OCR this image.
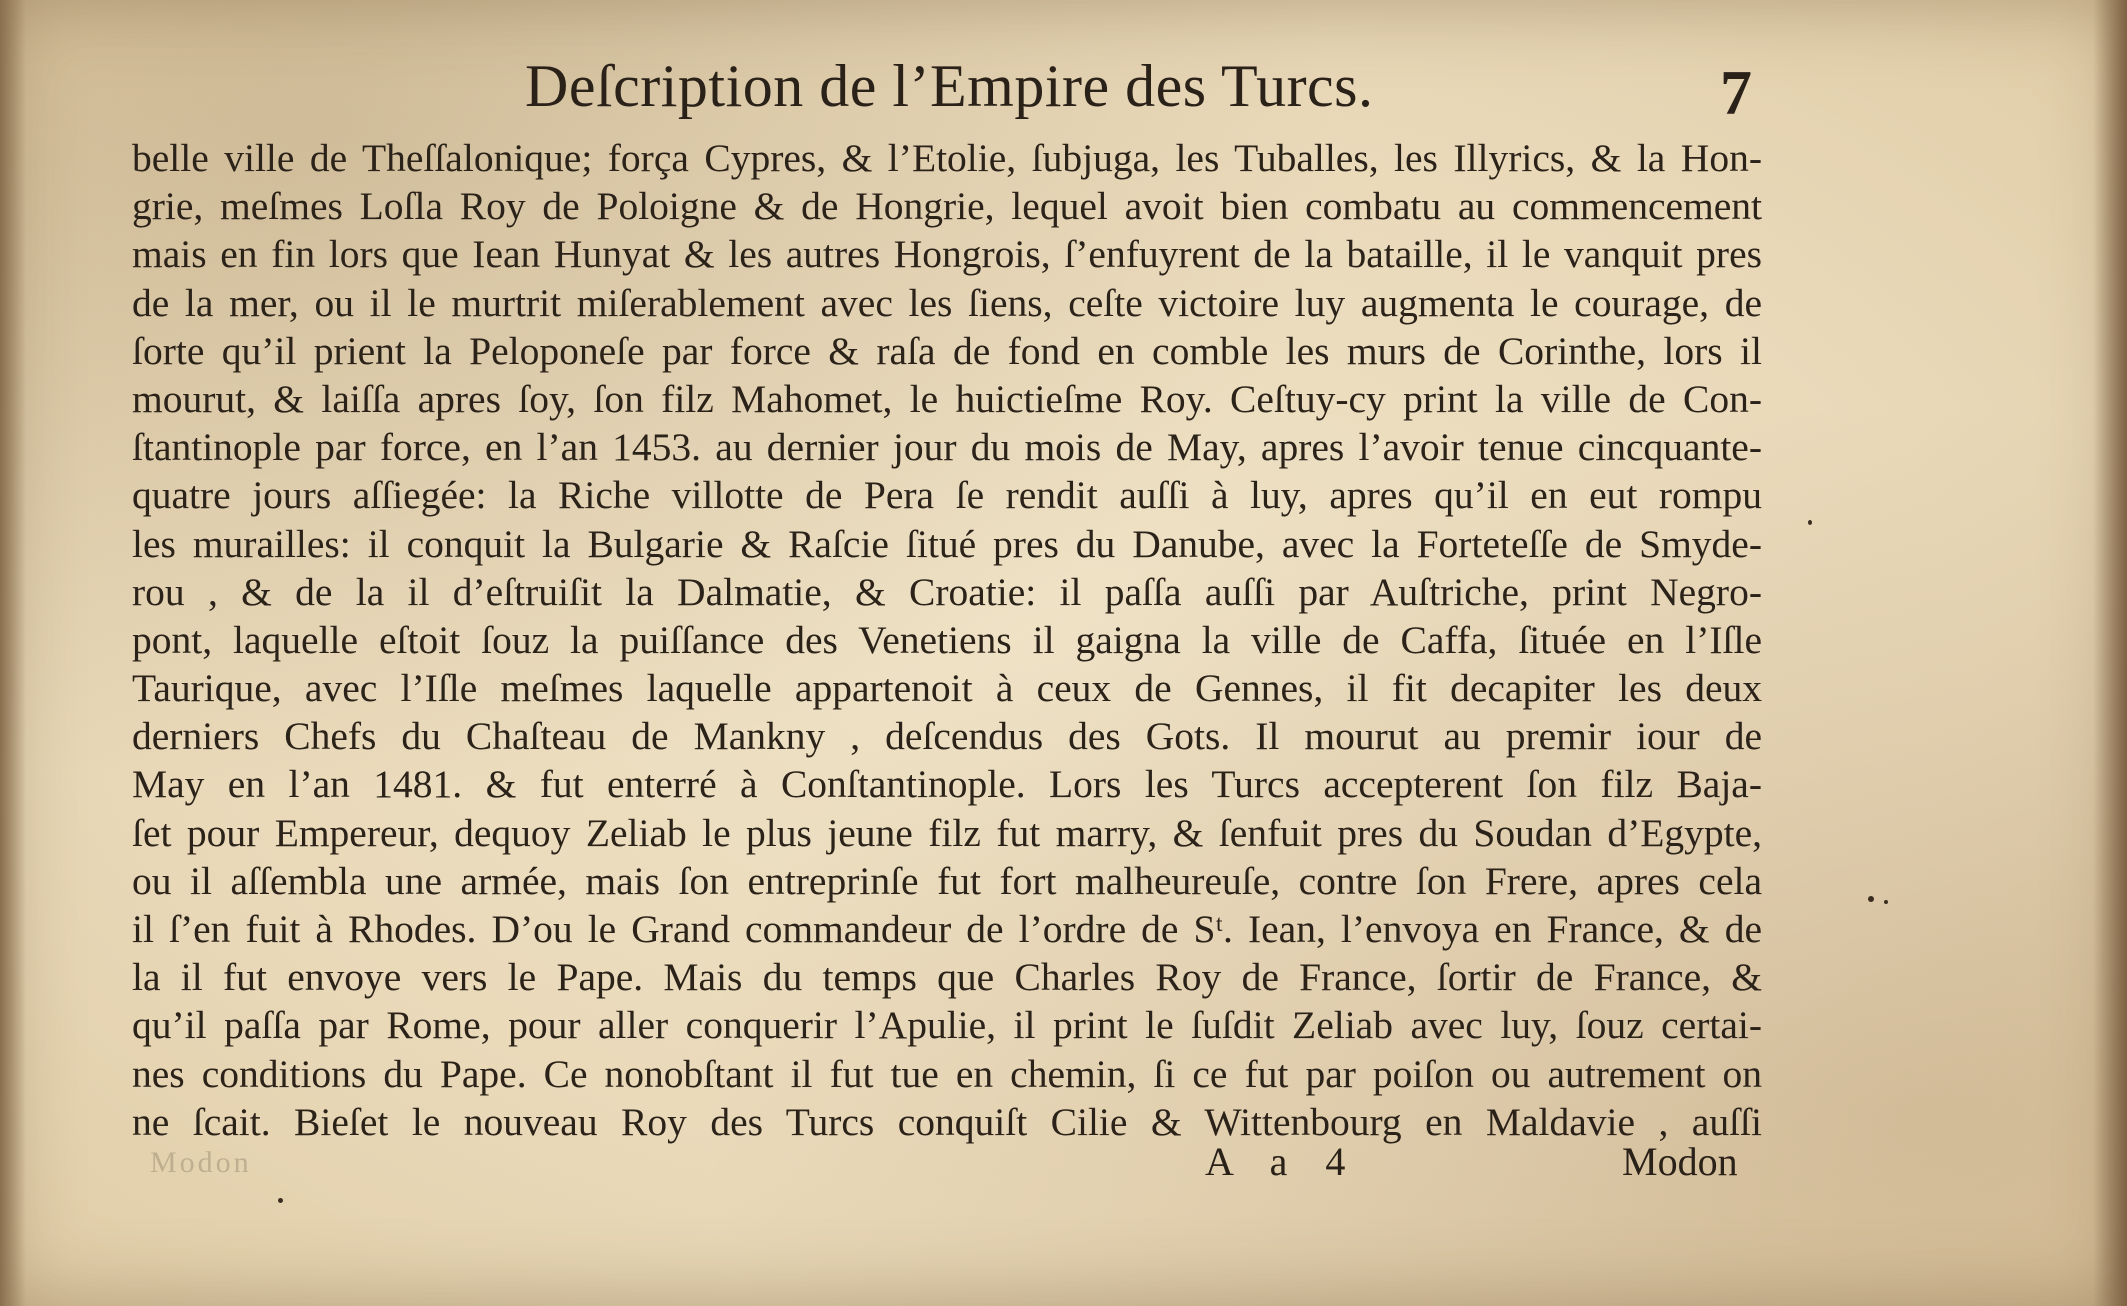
Deſcription de l’Empire des Turcs.	7
belle ville de Theſſalonique; força Cypres, & l’Etolie, ſubjuga, les Tuballes, les Illyrics, & la Hon-
grie, meſmes Loſla Roy de Poloigne & de Hongrie, lequel avoit bien combatu au commencement
mais en fin lors que Iean Hunyat & les autres Hongrois, ſ’enfuyrent de la bataille, il le vanquit pres
de la mer, ou il le murtrit miſerablement avec les ſiens, ceſte victoire luy augmenta le courage, de
ſorte qu’il prient la Peloponeſe par force & raſa de fond en comble les murs de Corinthe, lors il
mourut, & laiſſa apres ſoy, ſon filz Mahomet, le huictieſme Roy. Ceſtuy-cy print la ville de Con-
ſtantinople par force, en l’an 1453. au dernier jour du mois de May, apres l’avoir tenue cincquante-
quatre jours aſſiegée: la Riche villotte de Pera ſe rendit auſſi à luy, apres qu’il en eut rompu
les murailles: il conquit la Bulgarie & Raſcie ſitué pres du Danube, avec la Forteteſſe de Smyde-
rou , & de la il d’eſtruiſit la Dalmatie, & Croatie: il paſſa auſſi par Auſtriche, print Negro-
pont, laquelle eſtoit ſouz la puiſſance des Venetiens il gaigna la ville de Caffa, ſituée en l’Iſle
Taurique, avec l’Iſle meſmes laquelle appartenoit à ceux de Gennes, il fit decapiter les deux
derniers Chefs du Chaſteau de Mankny , deſcendus des Gots. Il mourut au premir iour de
May en l’an 1481. & fut enterré à Conſtantinople. Lors les Turcs accepterent ſon filz Baja-
ſet pour Empereur, dequoy Zeliab le plus jeune filz fut marry, & ſenfuit pres du Soudan d’Egypte,
ou il aſſembla une armée, mais ſon entreprinſe fut fort malheureuſe, contre ſon Frere, apres cela
il ſ’en fuit à Rhodes. D’ou le Grand commandeur de l’ordre de Sᵗ. Iean, l’envoya en France, & de
la il fut envoye vers le Pape. Mais du temps que Charles Roy de France, ſortir de France, &
qu’il paſſa par Rome, pour aller conquerir l’Apulie, il print le ſuſdit Zeliab avec luy, ſouz certai-
nes conditions du Pape. Ce nonobſtant il fut tue en chemin, ſi ce fut par poiſon ou autrement on
ne ſcait. Bieſet le nouveau Roy des Turcs conquiſt Cilie & Wittenbourg en Maldavie , auſſi
Modon	A a 4	Modon
